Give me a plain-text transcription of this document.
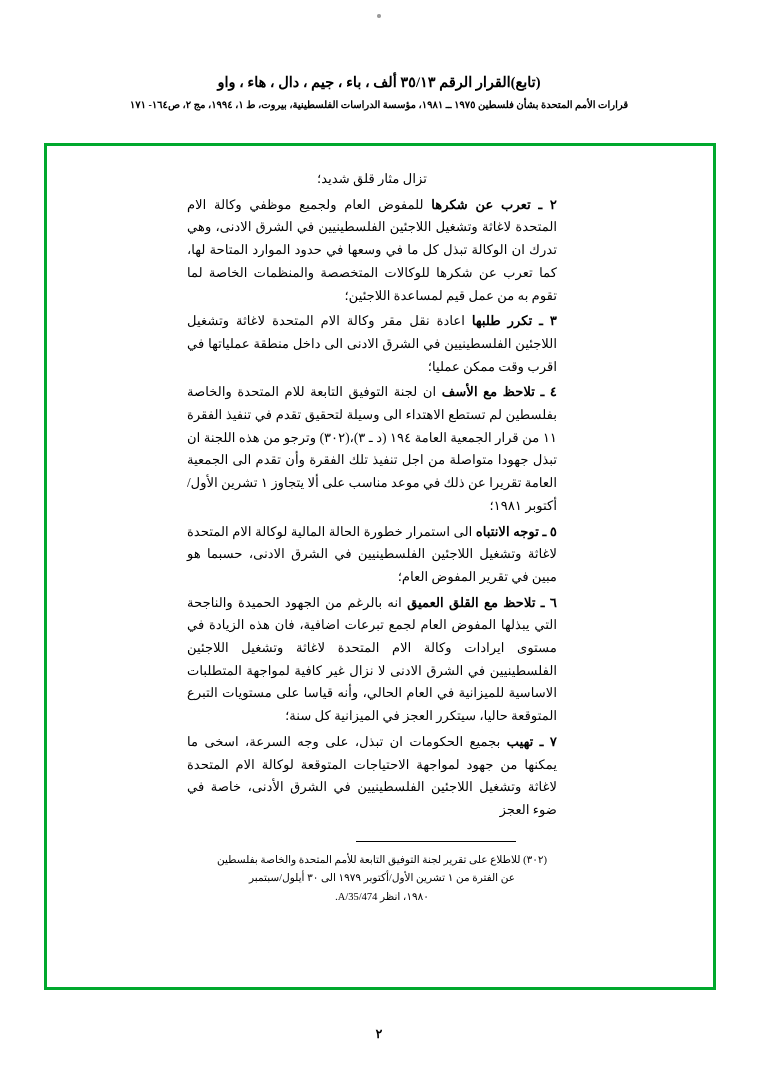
(تابع)القرار الرقم ٣٥/١٣ ألف ، باء ، جيم ، دال ، هاء ، واو
قرارات الأمم المتحدة بشأن فلسطين ١٩٧٥ ــ ١٩٨١، مؤسسة الدراسات الفلسطينية، بيروت، ط ١، ١٩٩٤، مج ٢، ص١٦٤- ١٧١

تزال مثار قلق شديد؛

٢ ـ تعرب عن شكرها للمفوض العام ولجميع موظفي وكالة الام المتحدة لاغاثة وتشغيل اللاجئين الفلسطينيين في الشرق الادنى، وهي تدرك ان الوكالة تبذل كل ما في وسعها في حدود الموارد المتاحة لها، كما تعرب عن شكرها للوكالات المتخصصة والمنظمات الخاصة لما تقوم به من عمل قيم لمساعدة اللاجئين؛

٣ ـ تكرر طلبها اعادة نقل مقر وكالة الام المتحدة لاغاثة وتشغيل اللاجئين الفلسطينيين في الشرق الادنى الى داخل منطقة عملياتها في اقرب وقت ممكن عمليا؛

٤ ـ تلاحظ مع الأسف ان لجنة التوفيق التابعة للام المتحدة والخاصة بفلسطين لم تستطع الاهتداء الى وسيلة لتحقيق تقدم في تنفيذ الفقرة ١١ من قرار الجمعية العامة ١٩٤ (د ـ ٣)،(٣٠٢) وترجو من هذه اللجنة ان تبذل جهودا متواصلة من اجل تنفيذ تلك الفقرة وأن تقدم الى الجمعية العامة تقريرا عن ذلك في موعد مناسب على ألا يتجاوز ١ تشرين الأول/أكتوبر ١٩٨١؛

٥ ـ توجه الانتباه الى استمرار خطورة الحالة المالية لوكالة الام المتحدة لاغاثة وتشغيل اللاجئين الفلسطينيين في الشرق الادنى، حسبما هو مبين في تقرير المفوض العام؛

٦ ـ تلاحظ مع القلق العميق انه بالرغم من الجهود الحميدة والناجحة التي يبذلها المفوض العام لجمع تبرعات اضافية، فان هذه الزيادة في مستوى ايرادات وكالة الام المتحدة لاغاثة وتشغيل اللاجئين الفلسطينيين في الشرق الادنى لا نزال غير كافية لمواجهة المتطلبات الاساسية للميزانية في العام الحالي، وأنه قياسا على مستويات التبرع المتوقعة حاليا، سيتكرر العجز في الميزانية كل سنة؛

٧ ـ تهيب بجميع الحكومات ان تبذل، على وجه السرعة، اسخى ما يمكنها من جهود لمواجهة الاحتياجات المتوقعة لوكالة الام المتحدة لاغاثة وتشغيل اللاجئين الفلسطينيين في الشرق الأدنى، خاصة في ضوء العجز

(٣٠٢) للاطلاع على تقرير لجنة التوفيق التابعة للأمم المتحدة والخاصة بفلسطين
عن الفترة من ١ تشرين الأول/أكتوبر ١٩٧٩ الى ٣٠ أيلول/سبتمبر
١٩٨٠، انظر A/35/474.
٢
